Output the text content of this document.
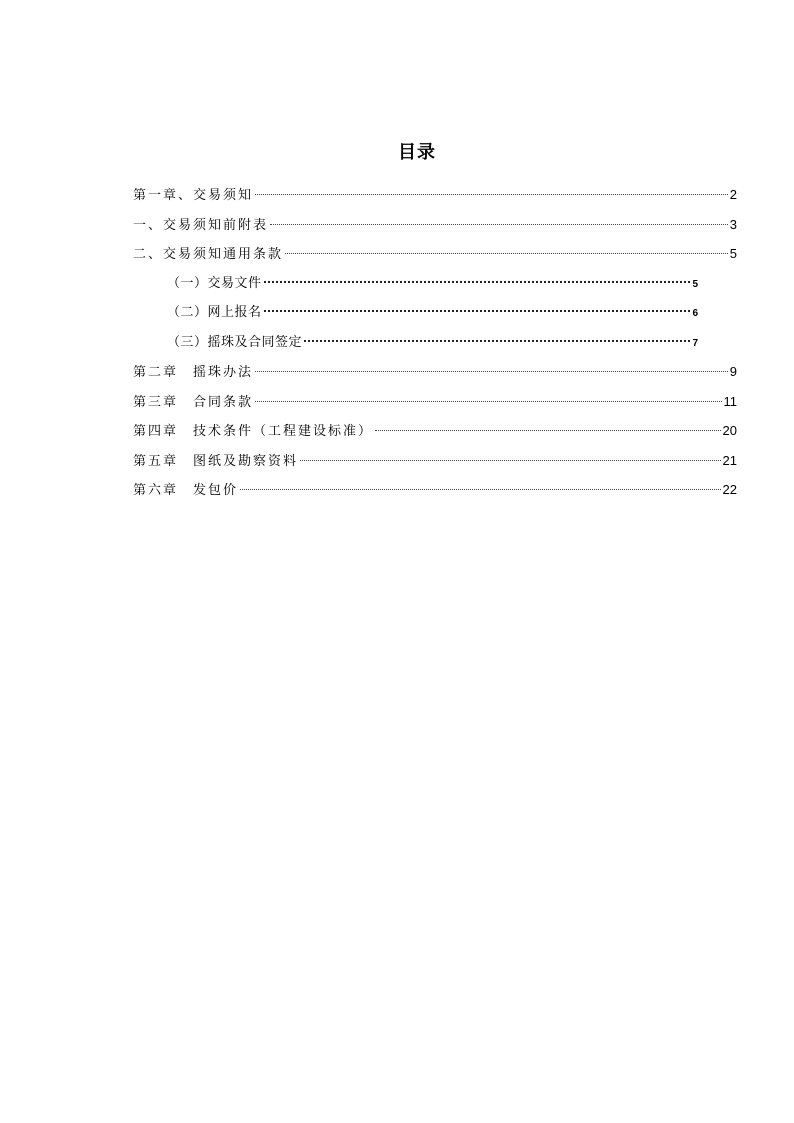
目录
第一章、交易须知	2
一、交易须知前附表	3
二、交易须知通用条款	5
（一）交易文件	5
（二）网上报名	6
（三）摇珠及合同签定	7
第二章　摇珠办法	9
第三章　合同条款	11
第四章　技术条件（工程建设标准）	20
第五章　图纸及勘察资料	21
第六章　发包价	22
